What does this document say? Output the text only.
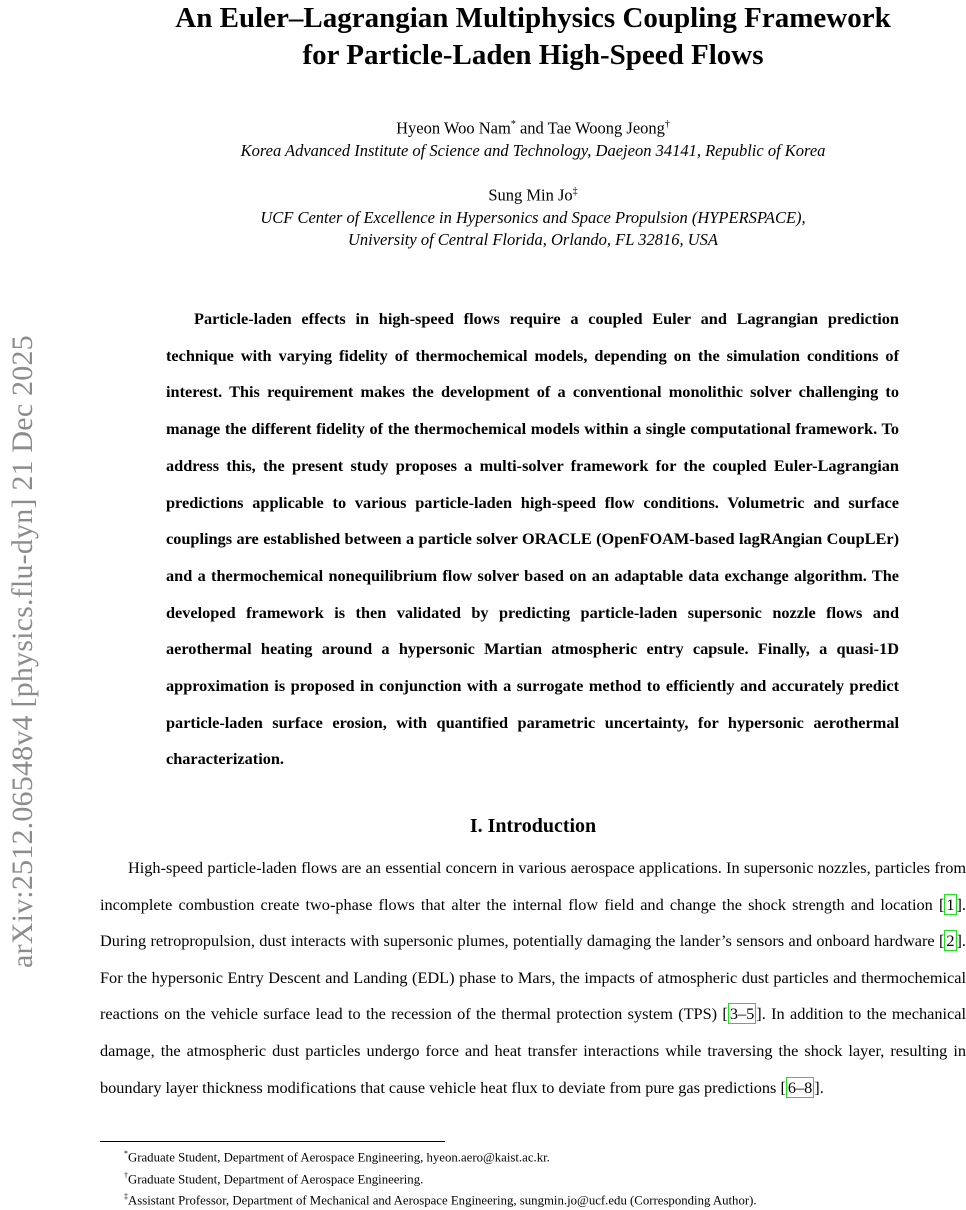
arXiv:2512.06548v4 [physics.flu-dyn] 21 Dec 2025
An Euler–Lagrangian Multiphysics Coupling Framework
for Particle-Laden High-Speed Flows
Hyeon Woo Nam* and Tae Woong Jeong†
Korea Advanced Institute of Science and Technology, Daejeon 34141, Republic of Korea
Sung Min Jo‡
UCF Center of Excellence in Hypersonics and Space Propulsion (HYPERSPACE),
University of Central Florida, Orlando, FL 32816, USA

Particle-laden effects in high-speed flows require a coupled Euler and Lagrangian prediction technique with varying fidelity of thermochemical models, depending on the simulation conditions of interest. This requirement makes the development of a conventional monolithic solver challenging to manage the different fidelity of the thermochemical models within a single computational framework. To address this, the present study proposes a multi-solver framework for the coupled Euler-Lagrangian predictions applicable to various particle-laden high-speed flow conditions. Volumetric and surface couplings are established between a particle solver ORACLE (OpenFOAM-based lagRAngian CoupLEr) and a thermochemical nonequilibrium flow solver based on an adaptable data exchange algorithm. The developed framework is then validated by predicting particle-laden supersonic nozzle flows and aerothermal heating around a hypersonic Martian atmospheric entry capsule. Finally, a quasi-1D approximation is proposed in conjunction with a surrogate method to efficiently and accurately predict particle-laden surface erosion, with quantified parametric uncertainty, for hypersonic aerothermal characterization.

I. Introduction

High-speed particle-laden flows are an essential concern in various aerospace applications. In supersonic nozzles, particles from incomplete combustion create two-phase flows that alter the internal flow field and change the shock strength and location [ 1 ]. During retropropulsion, dust interacts with supersonic plumes, potentially damaging the lander’s sensors and onboard hardware [ 2 ]. For the hypersonic Entry Descent and Landing (EDL) phase to Mars, the impacts of atmospheric dust particles and thermochemical reactions on the vehicle surface lead to the recession of the thermal protection system (TPS) [ 3–5 ]. In addition to the mechanical damage, the atmospheric dust particles undergo force and heat transfer interactions while traversing the shock layer, resulting in boundary layer thickness modifications that cause vehicle heat flux to deviate from pure gas predictions [ 6–8 ].

*Graduate Student, Department of Aerospace Engineering, hyeon.aero@kaist.ac.kr.
†Graduate Student, Department of Aerospace Engineering.
‡Assistant Professor, Department of Mechanical and Aerospace Engineering, sungmin.jo@ucf.edu (Corresponding Author).
